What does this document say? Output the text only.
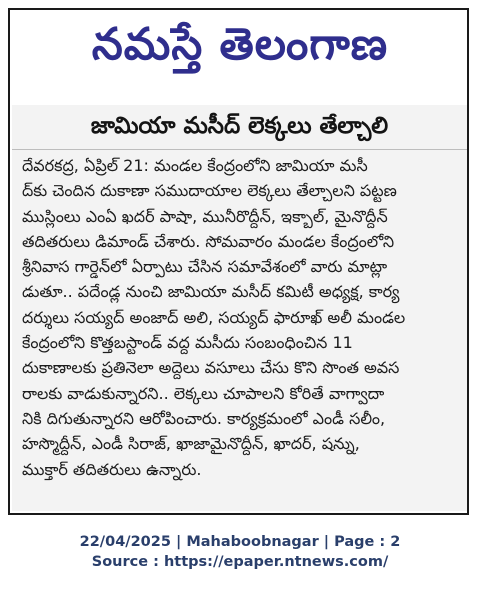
నమస్తే తెలంగాణ
జామియా మసీద్ లెక్కలు తేల్చాలి
దేవరకద్ర, ఏప్రిల్ 21: మండల కేంద్రంలోని జామియా మసీ
ద్‌కు చెందిన దుకాణా సముదాయాల లెక్కలు తేల్చాలని పట్టణ
ముస్లింలు ఎంఏ ఖదర్ పాషా, మునీరొద్దీన్, ఇక్బాల్, మైనొద్దీన్
తదితరులు డిమాండ్ చేశారు. సోమవారం మండల కేంద్రంలోని
శ్రీనివాస గార్డెన్‌లో ఏర్పాటు చేసిన సమావేశంలో వారు మాట్లా
డుతూ.. పదేండ్ల నుంచి జామియా మసీద్ కమిటీ అధ్యక్ష, కార్య
దర్శులు సయ్యద్ అంజాద్ అలి, సయ్యద్ ఫారూఖ్ అలీ మండల
కేంద్రంలోని కొత్తబస్టాండ్ వద్ద మసీదు సంబంధించిన 11
దుకాణాలకు ప్రతినెలా అద్దెలు వసూలు చేసు కొని సొంత అవస
రాలకు వాడుకున్నారని.. లెక్కలు చూపాలని కోరితే వాగ్వాదా
నికి దిగుతున్నారని ఆరోపించారు. కార్యక్రమంలో ఎండీ సలీం,
హస్మొద్దీన్, ఎండీ సిరాజ్, ఖాజామైనొద్దీన్, ఖాదర్, షన్ను,
ముక్తార్ తదితరులు ఉన్నారు.
22/04/2025 | Mahaboobnagar | Page : 2
Source : https://epaper.ntnews.com/
